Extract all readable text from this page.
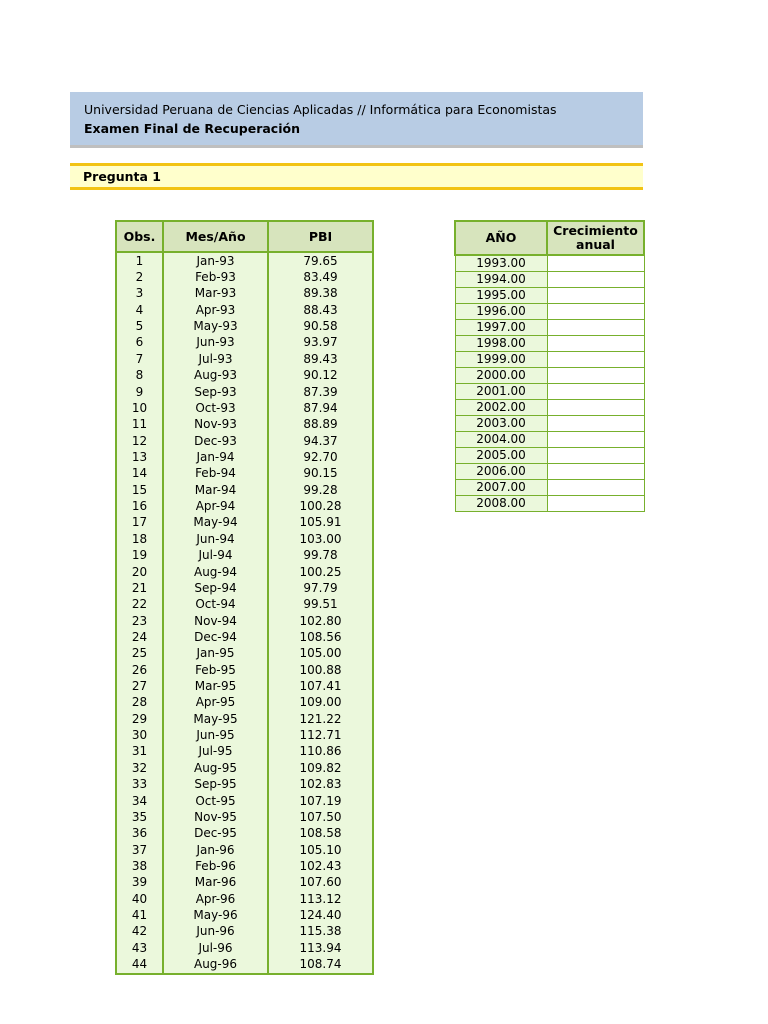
Universidad Peruana de Ciencias Aplicadas // Informática para Economistas
Examen Final de Recuperación
Pregunta 1
Obs.	Mes/Año	PBI
1	Jan-93	79.65
2	Feb-93	83.49
3	Mar-93	89.38
4	Apr-93	88.43
5	May-93	90.58
6	Jun-93	93.97
7	Jul-93	89.43
8	Aug-93	90.12
9	Sep-93	87.39
10	Oct-93	87.94
11	Nov-93	88.89
12	Dec-93	94.37
13	Jan-94	92.70
14	Feb-94	90.15
15	Mar-94	99.28
16	Apr-94	100.28
17	May-94	105.91
18	Jun-94	103.00
19	Jul-94	99.78
20	Aug-94	100.25
21	Sep-94	97.79
22	Oct-94	99.51
23	Nov-94	102.80
24	Dec-94	108.56
25	Jan-95	105.00
26	Feb-95	100.88
27	Mar-95	107.41
28	Apr-95	109.00
29	May-95	121.22
30	Jun-95	112.71
31	Jul-95	110.86
32	Aug-95	109.82
33	Sep-95	102.83
34	Oct-95	107.19
35	Nov-95	107.50
36	Dec-95	108.58
37	Jan-96	105.10
38	Feb-96	102.43
39	Mar-96	107.60
40	Apr-96	113.12
41	May-96	124.40
42	Jun-96	115.38
43	Jul-96	113.94
44	Aug-96	108.74
AÑO	Crecimiento anual
1993.00	
1994.00	
1995.00	
1996.00	
1997.00	
1998.00	
1999.00	
2000.00	
2001.00	
2002.00	
2003.00	
2004.00	
2005.00	
2006.00	
2007.00	
2008.00	
